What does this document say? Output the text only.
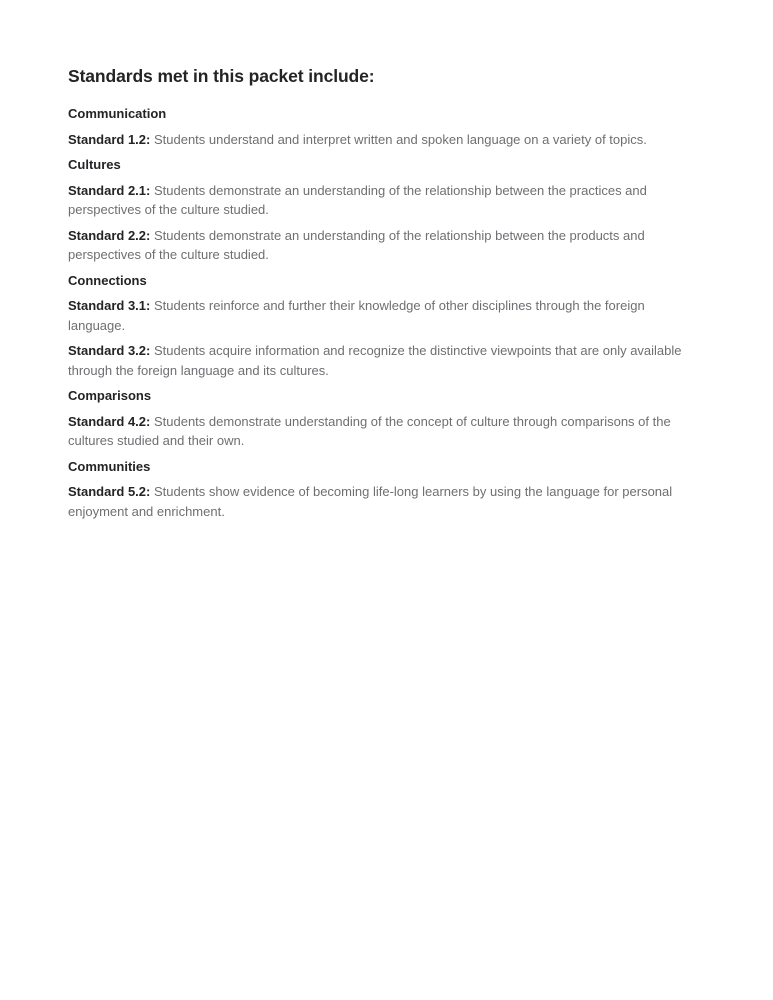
Standards met in this packet include:
Communication

Standard 1.2: Students understand and interpret written and spoken language on a variety of topics.

Cultures

Standard 2.1: Students demonstrate an understanding of the relationship between the practices and perspectives of the culture studied.

Standard 2.2: Students demonstrate an understanding of the relationship between the products and perspectives of the culture studied.

Connections

Standard 3.1: Students reinforce and further their knowledge of other disciplines through the foreign language.

Standard 3.2: Students acquire information and recognize the distinctive viewpoints that are only available through the foreign language and its cultures.

Comparisons

Standard 4.2: Students demonstrate understanding of the concept of culture through comparisons of the cultures studied and their own.

Communities

Standard 5.2: Students show evidence of becoming life-long learners by using the language for personal enjoyment and enrichment.
